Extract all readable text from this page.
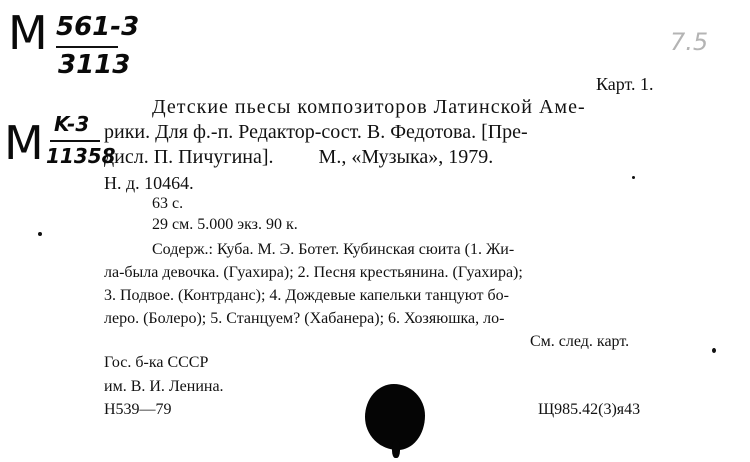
M 561-3
3113
M K-3
11358
7.5
Карт. 1.
Детские пьесы композиторов Латинской Аме-
рики. Для ф.-п. Редактор-сост. В. Федотова. [Пре-
дисл. П. Пичугина].         М., «Музыка», 1979.
Н. д. 10464.
63 с.
29 см. 5.000 экз. 90 к.
Содерж.: Куба. М. Э. Ботет. Кубинская сюита (1. Жи-
ла-была девочка. (Гуахира); 2. Песня крестьянина. (Гуахира);
3. Подвое. (Контрданс); 4. Дождевые капельки танцуют бо-
леро. (Болеро); 5. Станцуем? (Хабанера); 6. Хозяюшка, ло-
См. след. карт.
Гос. б-ка СССР
им. В. И. Ленина.
Н539—79	Щ985.42(3)я43
